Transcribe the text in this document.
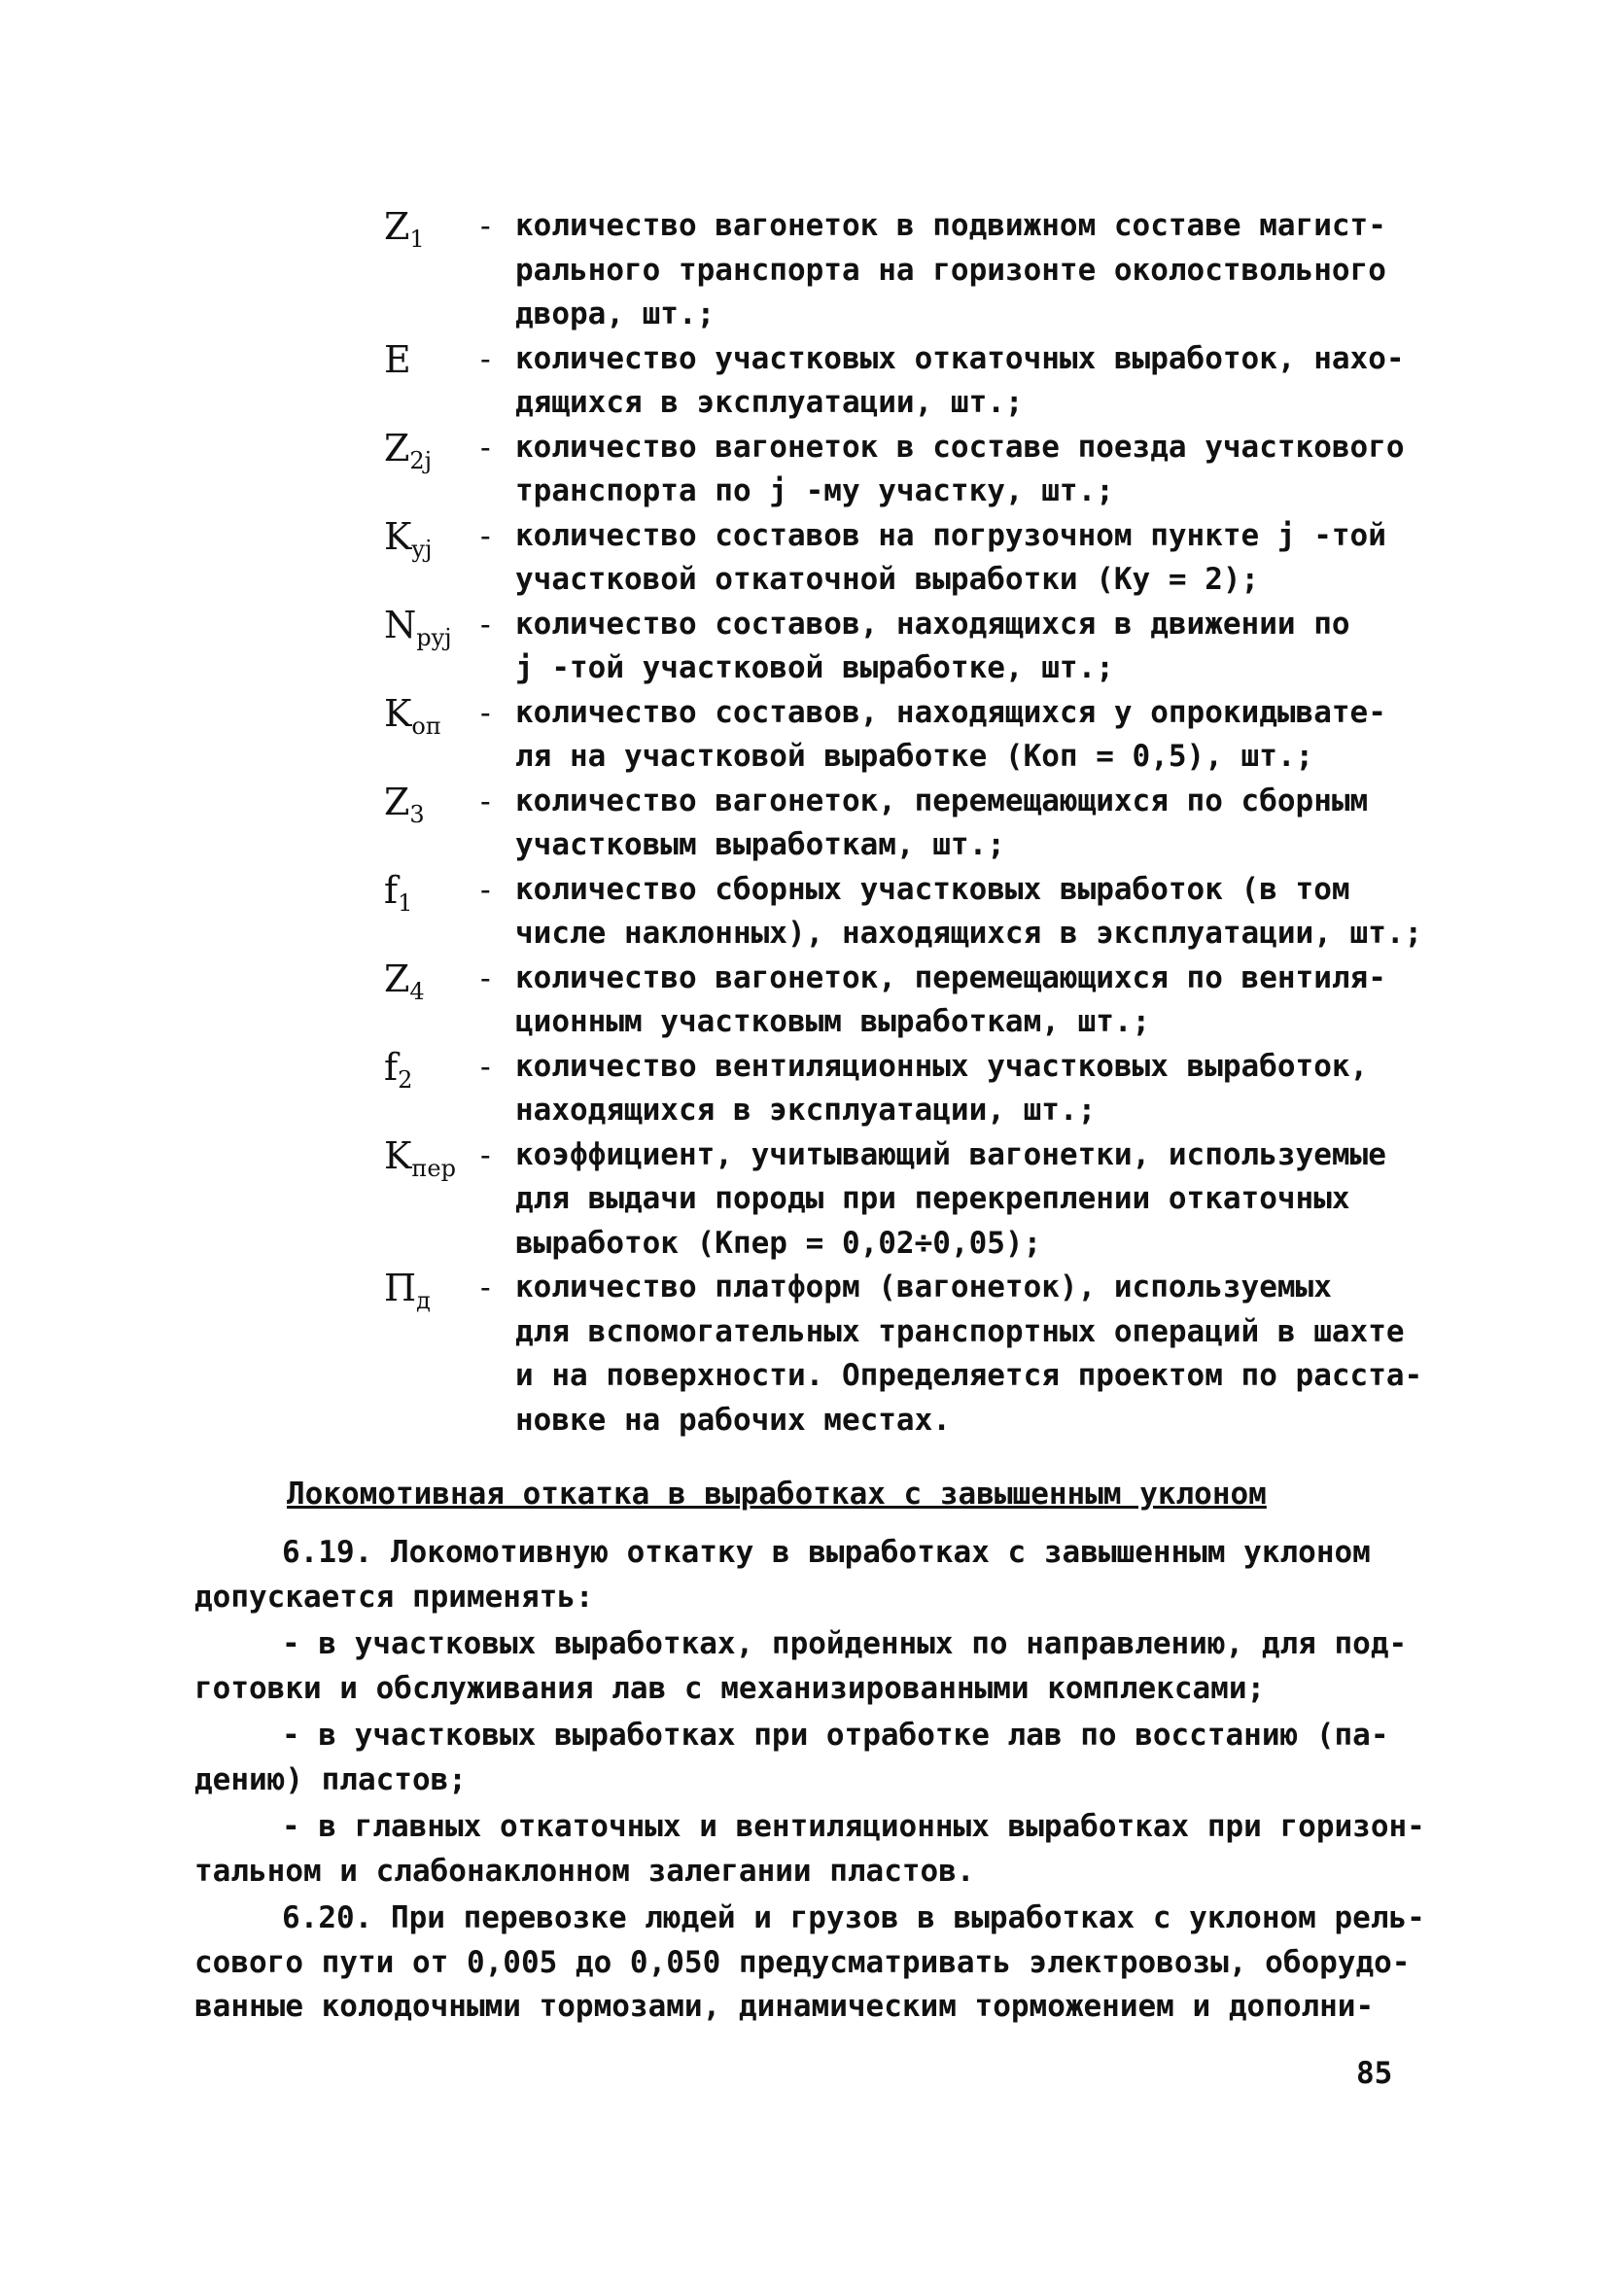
$Z_1$	- количество вагонеток в подвижном составе магист-
рального транспорта на горизонте околоствольного
двора, шт.;
E	- количество участковых откаточных выработок, нахо-
дящихся в эксплуатации, шт.;
$Z_{2j}$	- количество вагонеток в составе поезда участкового
транспорта по j -му участку, шт.;
$K_{yj}$	- количество составов на погрузочном пункте j -той
участковой откаточной выработки (Kу = 2);
$N_{pyj}$ - количество составов, находящихся в движении по
j -той участковой выработке, шт.;
$K_{оп}$	- количество составов, находящихся у опрокидывате-
ля на участковой выработке (Kоп = 0,5), шт.;
$Z_3$	- количество вагонеток, перемещающихся по сборным
участковым выработкам, шт.;
$f_1$	- количество сборных участковых выработок (в том
числе наклонных), находящихся в эксплуатации, шт.;
$Z_4$	- количество вагонеток, перемещающихся по вентиля-
ционным участковым выработкам, шт.;
$f_2$	- количество вентиляционных участковых выработок,
находящихся в эксплуатации, шт.;
$K_{пер}$ - коэффициент, учитывающий вагонетки, используемые
для выдачи породы при перекреплении откаточных
выработок (Kпер = 0,02÷0,05);
$П_д$	- количество платформ (вагонеток), используемых
для вспомогательных транспортных операций в шахте
и на поверхности. Определяется проектом по расста-
новке на рабочих местах.
Локомотивная откатка в выработках с завышенным уклоном

6.19. Локомотивную откатку в выработках с завышенным уклоном
допускается применять:

- в участковых выработках, пройденных по направлению, для под-
готовки и обслуживания лав с механизированными комплексами;

- в участковых выработках при отработке лав по восстанию (па-
дению) пластов;

- в главных откаточных и вентиляционных выработках при горизон-
тальном и слабонаклонном залегании пластов.

6.20. При перевозке людей и грузов в выработках с уклоном рель-
сового пути от 0,005 до 0,050 предусматривать электровозы, оборудо-
ванные колодочными тормозами, динамическим торможением и дополни-

85
